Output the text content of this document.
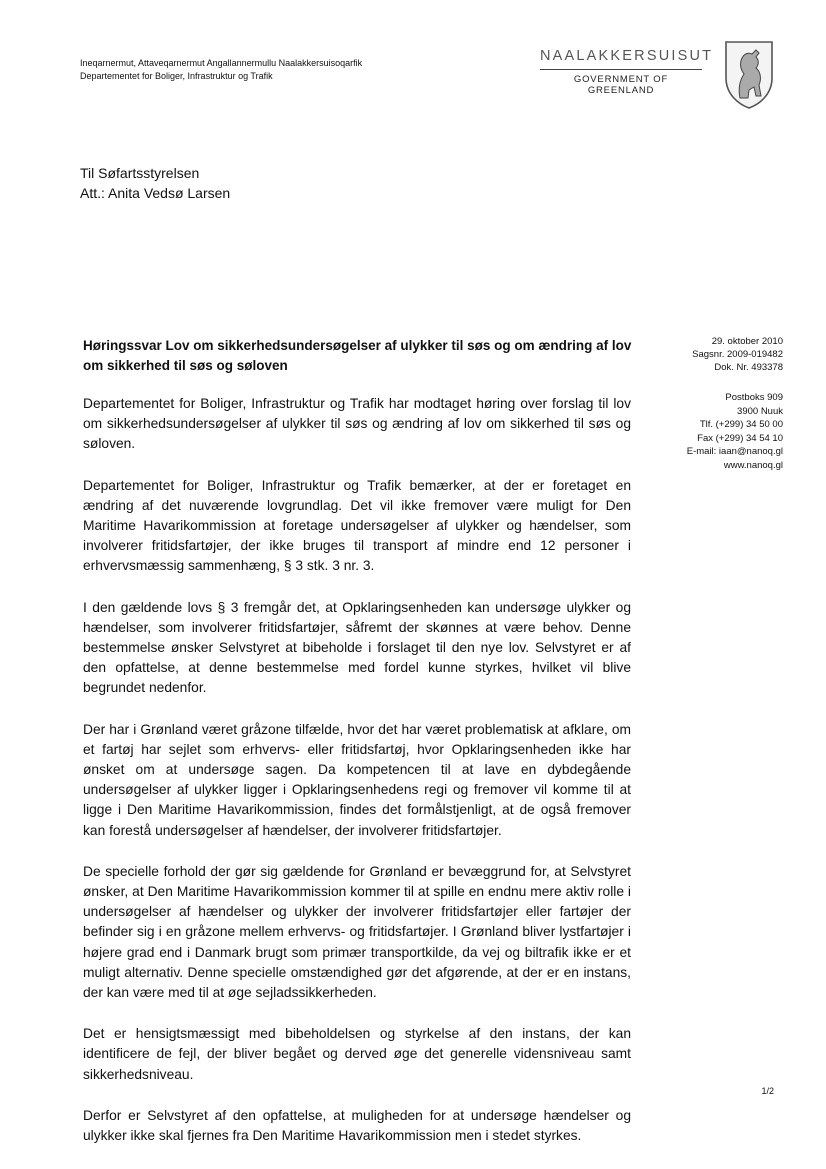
Ineqarnermut, Attaveqarnermut Angallannermullu Naalakkersuisoqarfik
Departementet for Boliger, Infrastruktur og Trafik
NAALAKKERSUISUT
GOVERNMENT OF GREENLAND
Til Søfartsstyrelsen
Att.: Anita Vedsø Larsen
Høringssvar Lov om sikkerhedsundersøgelser af ulykker til søs og om ændring af lov om sikkerhed til søs og søloven
29. oktober 2010
Sagsnr. 2009-019482
Dok. Nr. 493378
Postboks 909
3900 Nuuk
Tlf. (+299) 34 50 00
Fax (+299) 34 54 10
E-mail: iaan@nanoq.gl
www.nanoq.gl

Departementet for Boliger, Infrastruktur og Trafik har modtaget høring over forslag til lov om sikkerhedsundersøgelser af ulykker til søs og ændring af lov om sikkerhed til søs og søloven.

Departementet for Boliger, Infrastruktur og Trafik bemærker, at der er foretaget en ændring af det nuværende lovgrundlag. Det vil ikke fremover være muligt for Den Maritime Havarikommission at foretage undersøgelser af ulykker og hændelser, som involverer fritidsfartøjer, der ikke bruges til transport af mindre end 12 personer i erhvervsmæssig sammenhæng, § 3 stk. 3 nr. 3.

I den gældende lovs § 3 fremgår det, at Opklaringsenheden kan undersøge ulykker og hændelser, som involverer fritidsfartøjer, såfremt der skønnes at være behov. Denne bestemmelse ønsker Selvstyret at bibeholde i forslaget til den nye lov. Selvstyret er af den opfattelse, at denne bestemmelse med fordel kunne styrkes, hvilket vil blive begrundet nedenfor.

Der har i Grønland været gråzone tilfælde, hvor det har været problematisk at afklare, om et fartøj har sejlet som erhvervs- eller fritidsfartøj, hvor Opklaringsenheden ikke har ønsket om at undersøge sagen. Da kompetencen til at lave en dybdegående undersøgelser af ulykker ligger i Opklaringsenhedens regi og fremover vil komme til at ligge i Den Maritime Havarikommission, findes det formålstjenligt, at de også fremover kan forestå undersøgelser af hændelser, der involverer fritidsfartøjer.

De specielle forhold der gør sig gældende for Grønland er bevæggrund for, at Selvstyret ønsker, at Den Maritime Havarikommission kommer til at spille en endnu mere aktiv rolle i undersøgelser af hændelser og ulykker der involverer fritidsfartøjer eller fartøjer der befinder sig i en gråzone mellem erhvervs- og fritidsfartøjer. I Grønland bliver lystfartøjer i højere grad end i Danmark brugt som primær transportkilde, da vej og biltrafik ikke er et muligt alternativ. Denne specielle omstændighed gør det afgørende, at der er en instans, der kan være med til at øge sejladssikkerheden.

Det er hensigtsmæssigt med bibeholdelsen og styrkelse af den instans, der kan identificere de fejl, der bliver begået og derved øge det generelle vidensniveau samt sikkerhedsniveau.

Derfor er Selvstyret af den opfattelse, at muligheden for at undersøge hændelser og ulykker ikke skal fjernes fra Den Maritime Havarikommission men i stedet styrkes.

1/2
